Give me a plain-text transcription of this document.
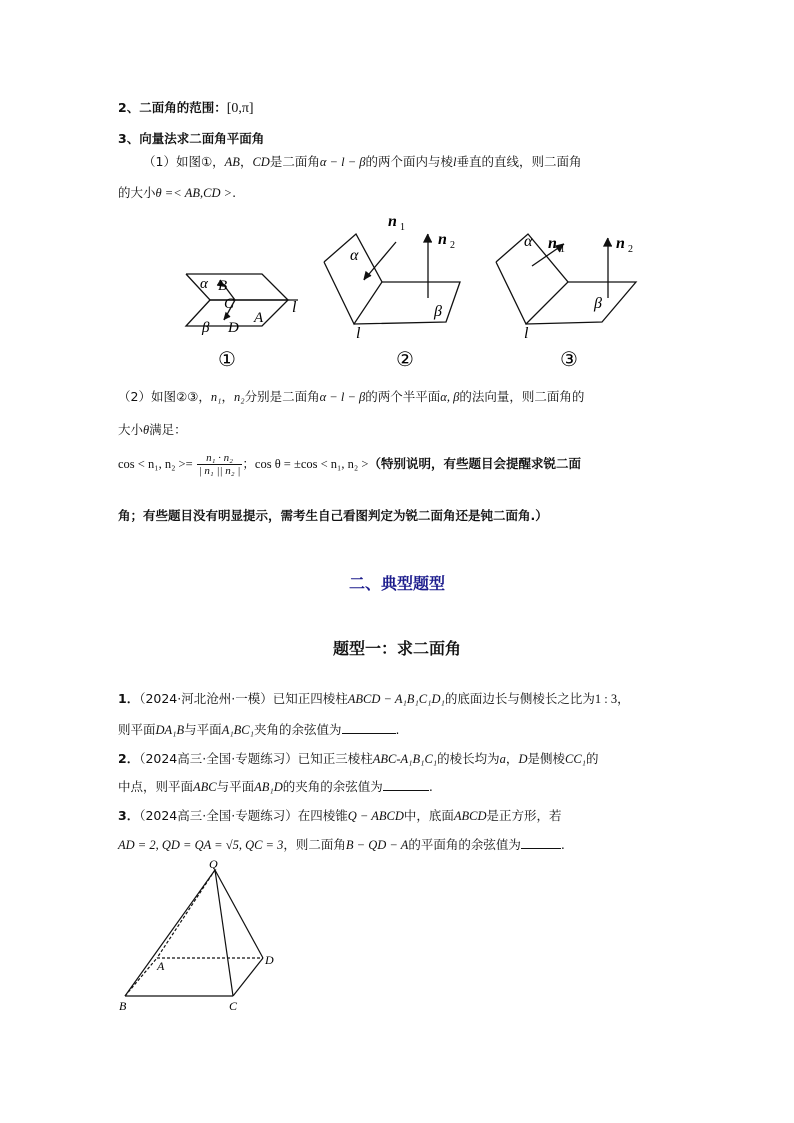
2、二面角的范围：[0,π]
3、向量法求二面角平面角
（1）如图①，AB，CD是二面角α − l − β的两个面内与棱l垂直的直线，则二面角
的大小θ =< AB,CD >.
α B
C
β D
A
l
①
n 1
n 2
α
β
l
②
n 1	n 2
α
β
l
③
（2）如图②③，n₁，n₂分别是二面角α − l − β的两个半平面α, β的法向量，则二面角的
大小θ满足：
cos < n₁, $n_2 >= \frac{\text{n₁ · n₂}}{\text{| n₁ || n₂ |}}$ ；cos θ = ±cos < n₁, n₂ >（特别说明，有些题目会提醒求锐二面
角；有些题目没有明显提示，需考生自己看图判定为锐二面角还是钝二面角.）
二、典型题型
题型一：求二面角
1．（2024·河北沧州·一模）已知正四棱柱ABCD − A₁B₁C₁D₁的底面边长与侧棱长之比为1 : 3，
则平面DA₁B与平面A₁BC₁夹角的余弦值为	.
2．（2024高三·全国·专题练习）已知正三棱柱ABC-A₁B₁C₁的棱长均为a，D是侧棱CC₁的
中点，则平面ABC与平面AB₁D的夹角的余弦值为	.
3．（2024高三·全国·专题练习）在四棱锥Q − ABCD中，底面ABCD是正方形，若
AD = 2, QD = QA = √5, QC = 3，则二面角B − QD − A的平面角的余弦值为	.
Q
A	D
B	C
